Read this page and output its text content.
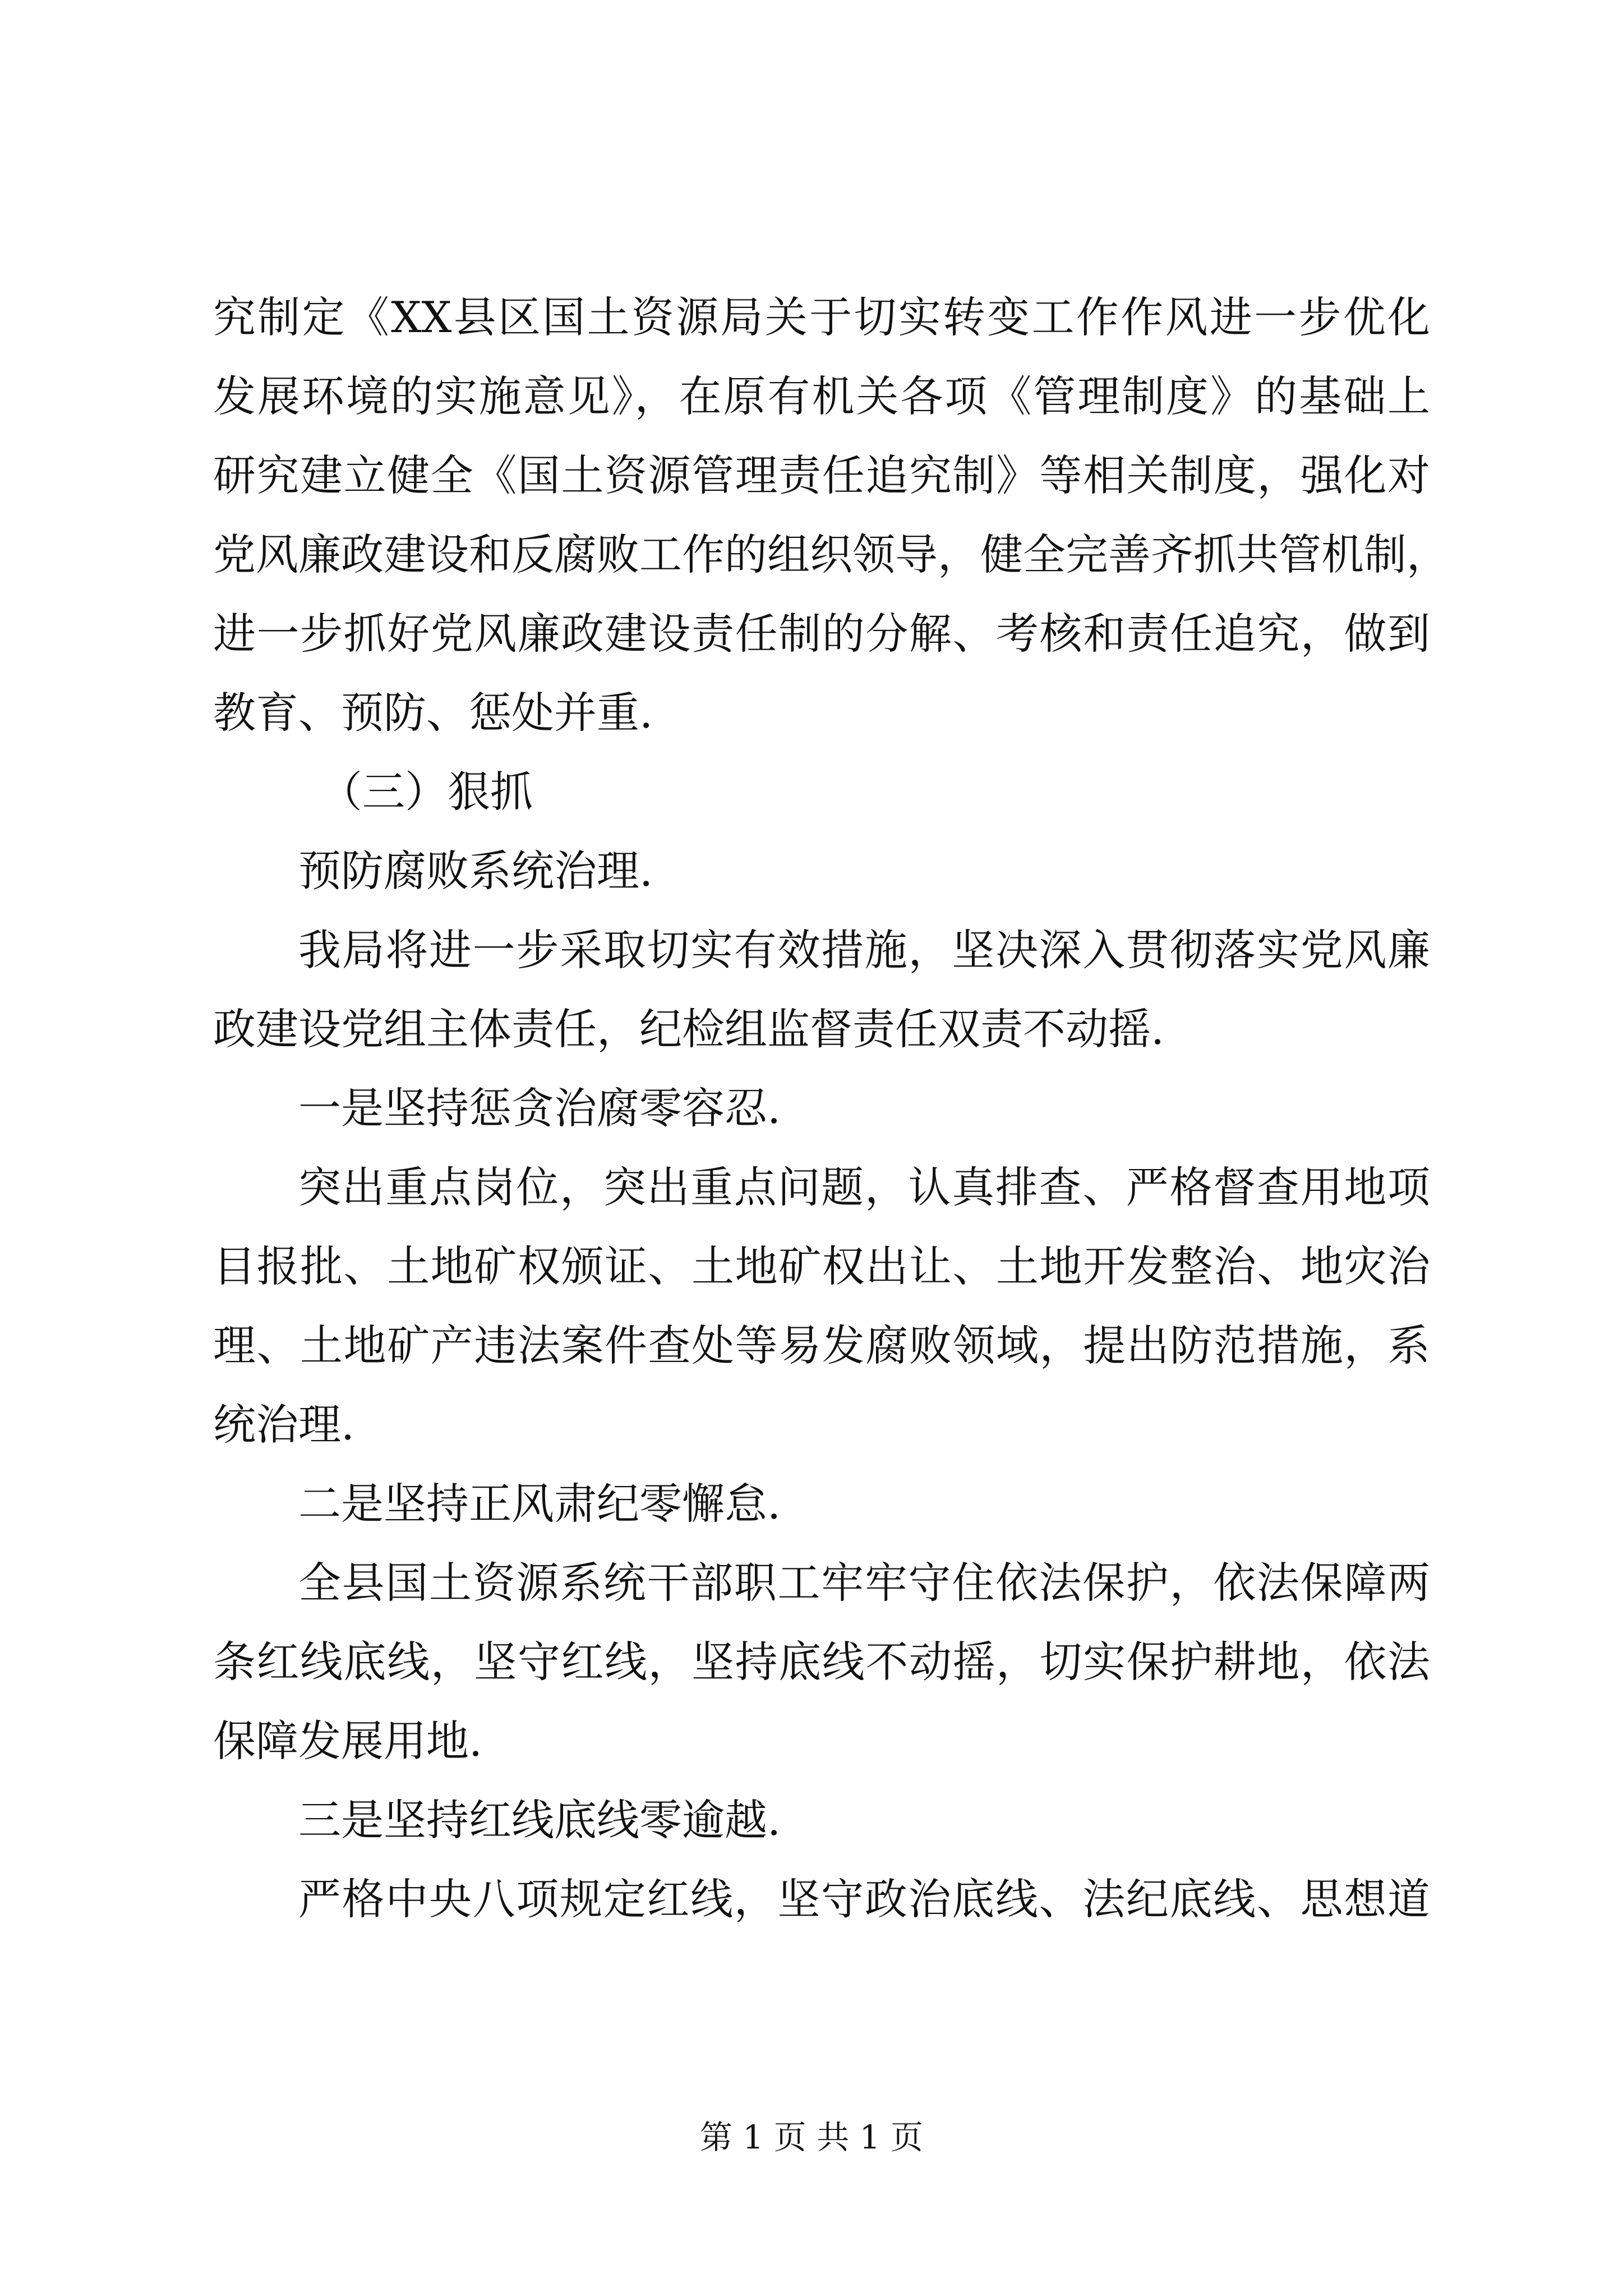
究制定《XX县区国土资源局关于切实转变工作作风进一步优化
发展环境的实施意见》，在原有机关各项《管理制度》的基础上
研究建立健全《国土资源管理责任追究制》等相关制度，强化对
党风廉政建设和反腐败工作的组织领导，健全完善齐抓共管机制，
进一步抓好党风廉政建设责任制的分解、考核和责任追究，做到
教育、预防、惩处并重.
（三）狠抓
预防腐败系统治理.
我局将进一步采取切实有效措施，坚决深入贯彻落实党风廉
政建设党组主体责任，纪检组监督责任双责不动摇.
一是坚持惩贪治腐零容忍.
突出重点岗位，突出重点问题，认真排查、严格督查用地项
目报批、土地矿权颁证、土地矿权出让、土地开发整治、地灾治
理、土地矿产违法案件查处等易发腐败领域，提出防范措施，系
统治理.
二是坚持正风肃纪零懈怠.
全县国土资源系统干部职工牢牢守住依法保护，依法保障两
条红线底线，坚守红线，坚持底线不动摇，切实保护耕地，依法
保障发展用地.
三是坚持红线底线零逾越.
严格中央八项规定红线，坚守政治底线、法纪底线、思想道
第 1 页 共 1 页
